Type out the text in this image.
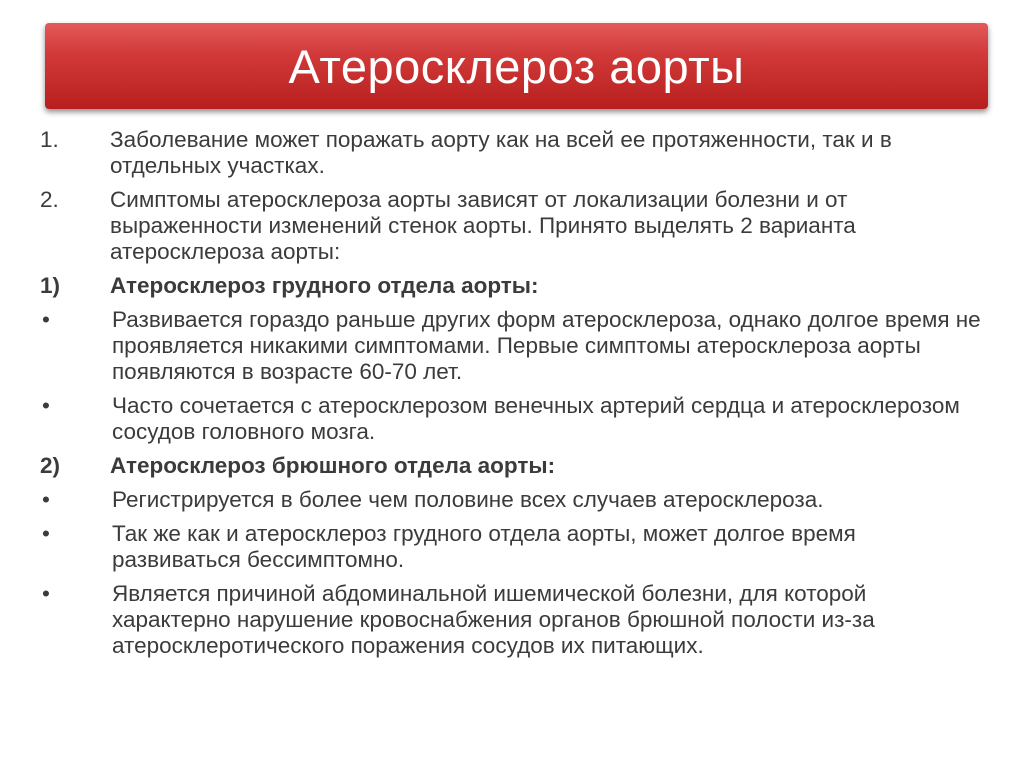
Атеросклероз аорты
1.	Заболевание может поражать аорту как на всей ее протяженности, так и в отдельных участках.
2.	Симптомы атеросклероза аорты зависят от локализации болезни и от выраженности изменений стенок аорты. Принято выделять 2 варианта атеросклероза аорты:
1)	Атеросклероз грудного отдела аорты:
•	Развивается гораздо раньше других форм атеросклероза, однако долгое время не проявляется никакими симптомами. Первые симптомы атеросклероза аорты появляются в возрасте 60-70 лет.
•	Часто сочетается с атеросклерозом венечных артерий сердца и атеросклерозом сосудов головного мозга.
2)	Атеросклероз брюшного отдела аорты:
•	Регистрируется в более чем половине всех случаев атеросклероза.
•	Так же как и атеросклероз грудного отдела аорты, может долгое время развиваться бессимптомно.
•	Является причиной абдоминальной ишемической болезни, для которой характерно нарушение кровоснабжения органов брюшной полости из-за атеросклеротического поражения сосудов их питающих.
